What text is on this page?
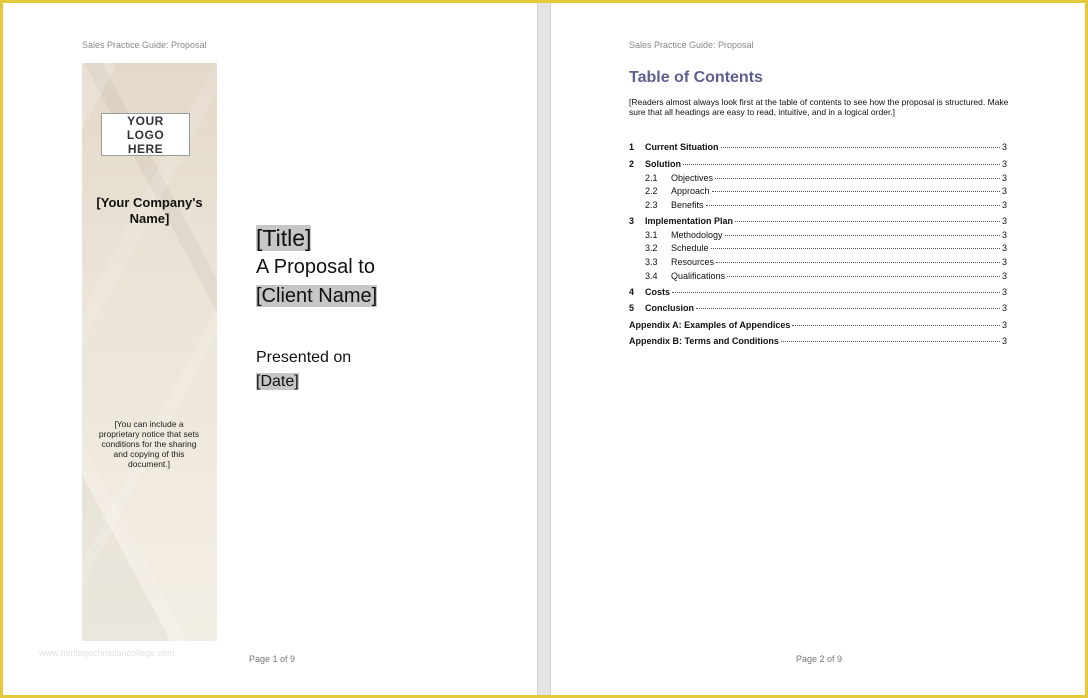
Sales Practice Guide: Proposal
YOUR LOGO HERE
[Your Company's Name]
[You can include a proprietary notice that sets conditions for the sharing and copying of this document.]
[Title]
A Proposal to
[Client Name]
Presented on
[Date]
www.heritagechristiancollege.com
Page 1 of 9
Sales Practice Guide: Proposal
Table of Contents
[Readers almost always look first at the table of contents to see how the proposal is structured. Make sure that all headings are easy to read, intuitive, and in a logical order.]
1	Current Situation	3
2	Solution	3
2.1	Objectives	3
2.2	Approach	3
2.3	Benefits	3
3	Implementation Plan	3
3.1	Methodology	3
3.2	Schedule	3
3.3	Resources	3
3.4	Qualifications	3
4	Costs	3
5	Conclusion	3
Appendix A: Examples of Appendices	3
Appendix B: Terms and Conditions	3
Page 2 of 9
